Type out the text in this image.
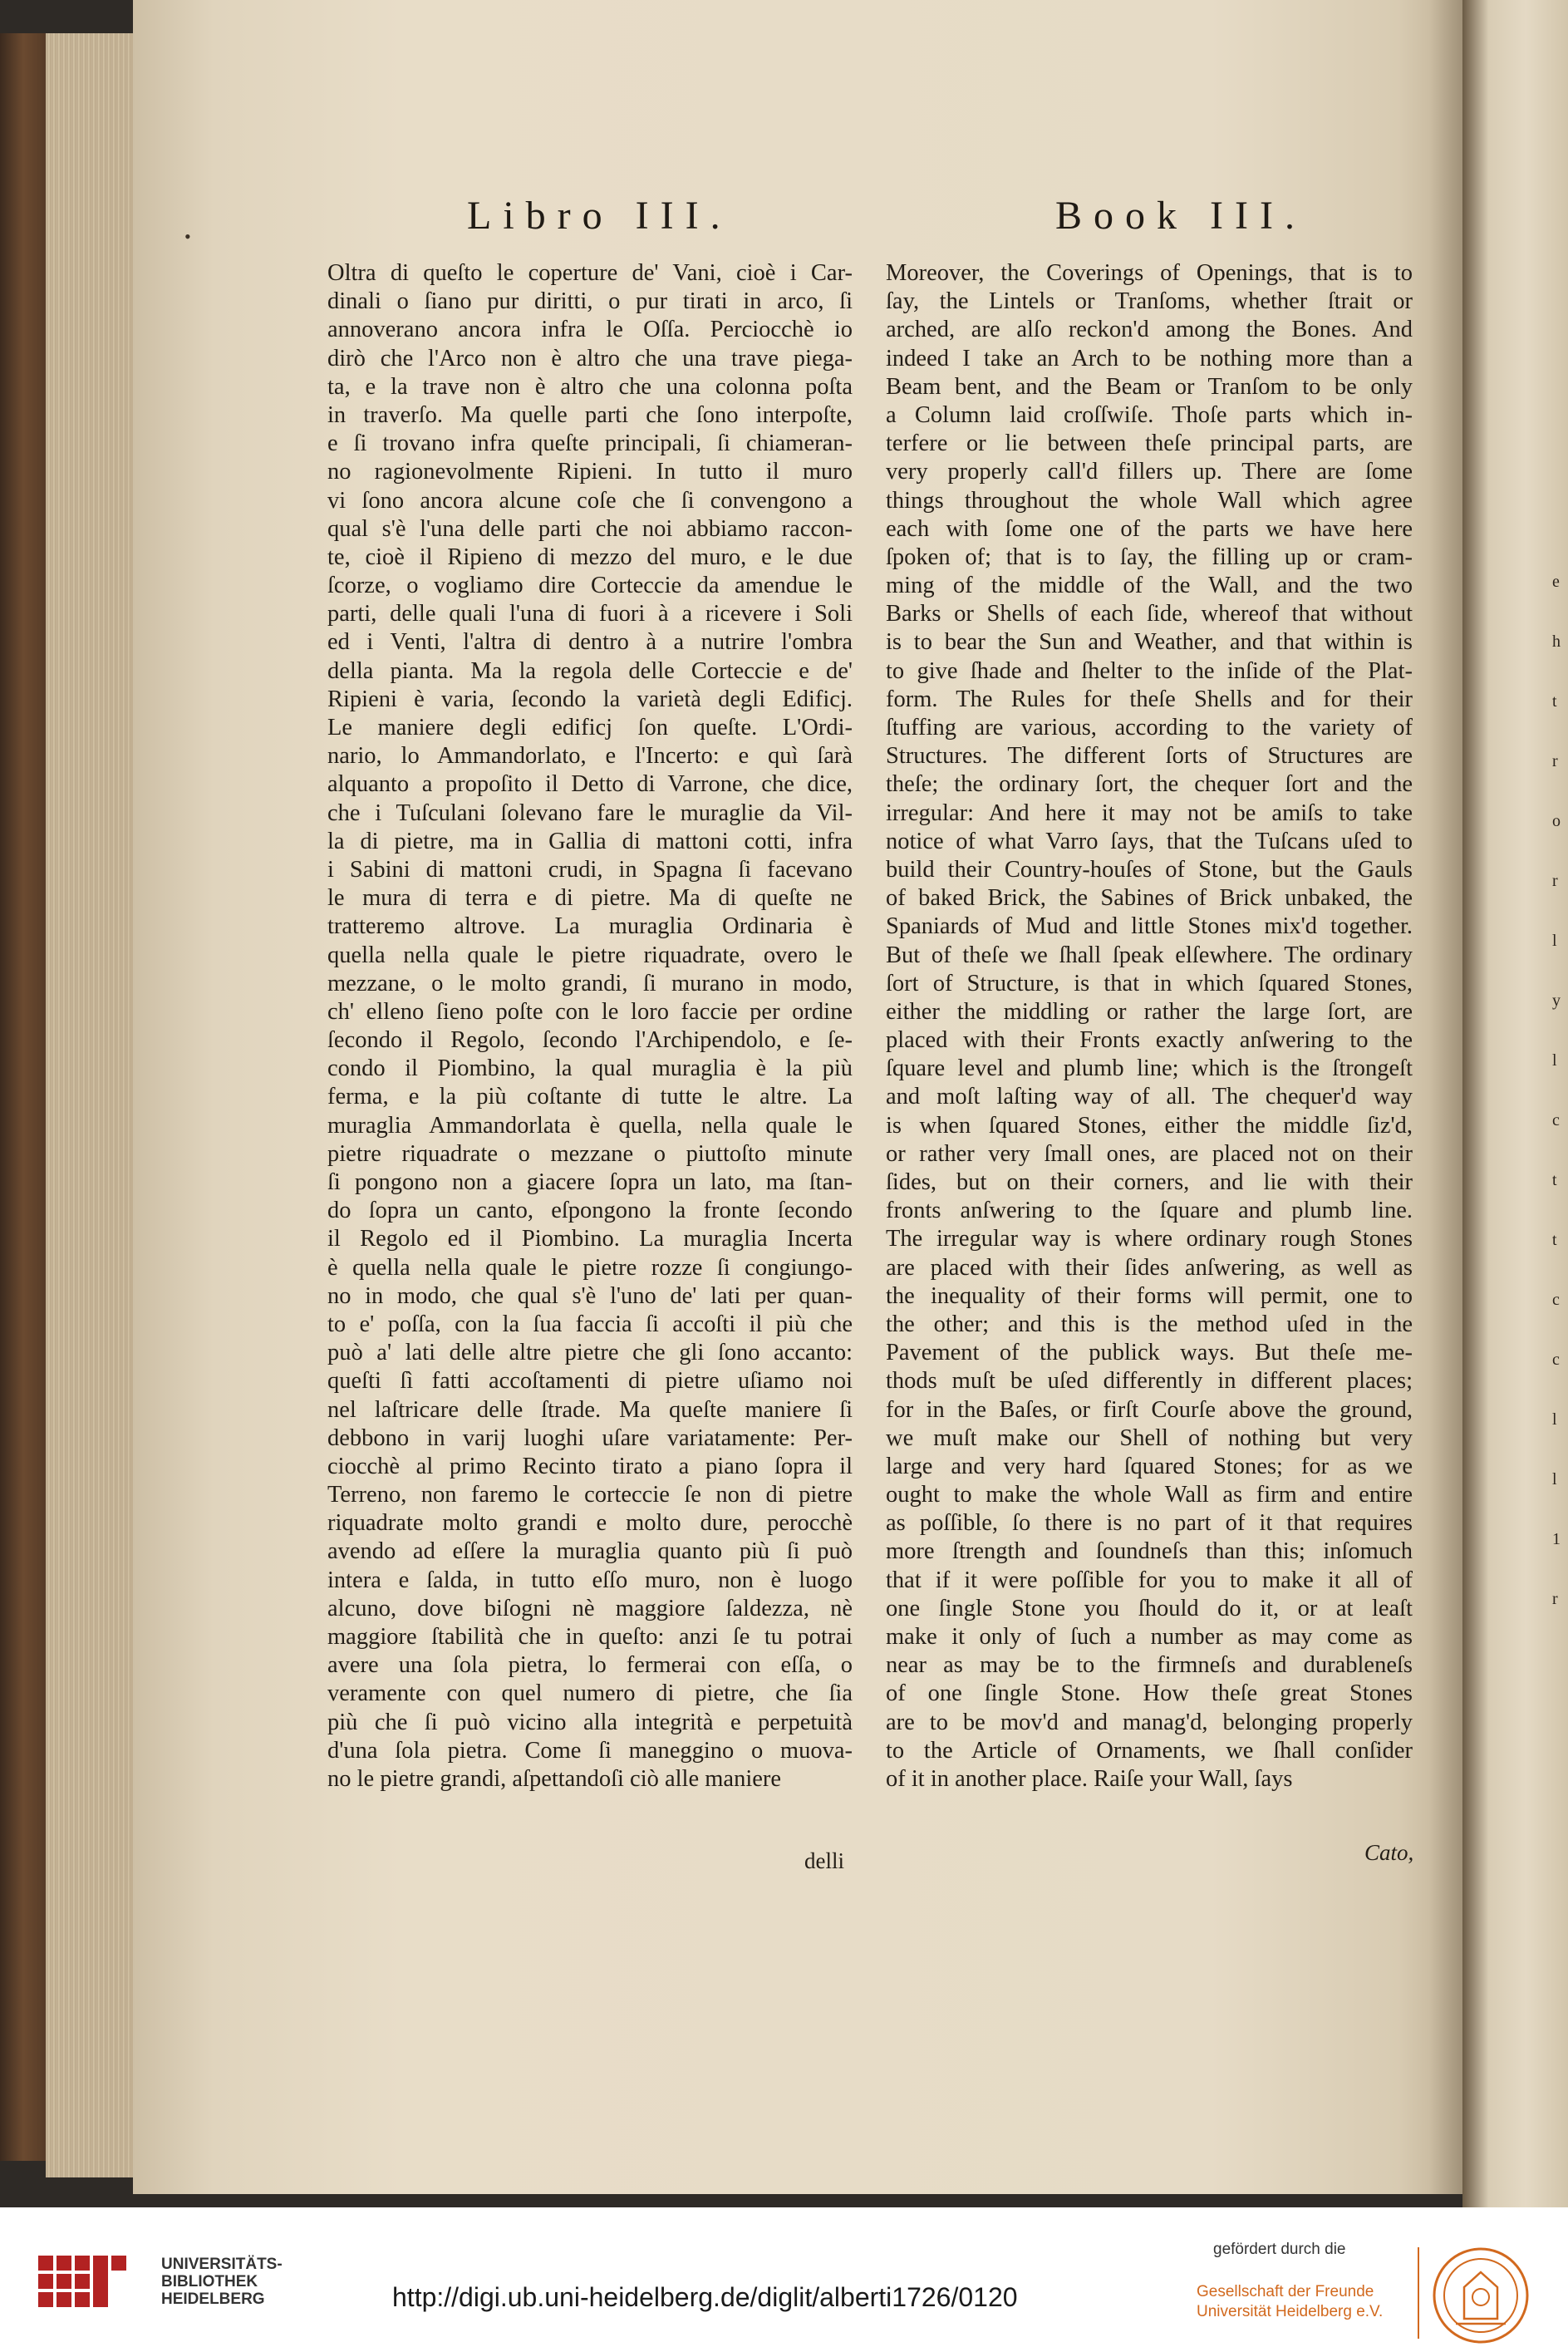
e
h
t
r
o
r
l
y
l
c
t
t
c
c
l
l
1
r
•	Libro III.	Book III.
Oltra di queſto le coperture de' Vani, cioè i Car-
dinali o ſiano pur diritti, o pur tirati in arco, ſi
annoverano ancora infra le Oſſa. Perciocchè io
dirò che l'Arco non è altro che una trave piega-
ta, e la trave non è altro che una colonna poſta
in traverſo. Ma quelle parti che ſono interpoſte,
e ſi trovano infra queſte principali, ſi chiameran-
no ragionevolmente Ripieni. In tutto il muro
vi ſono ancora alcune coſe che ſi convengono a
qual s'è l'una delle parti che noi abbiamo raccon-
te, cioè il Ripieno di mezzo del muro, e le due
ſcorze, o vogliamo dire Corteccie da amendue le
parti, delle quali l'una di fuori à a ricevere i Soli
ed i Venti, l'altra di dentro à a nutrire l'ombra
della pianta. Ma la regola delle Corteccie e de'
Ripieni è varia, ſecondo la varietà degli Edificj.
Le maniere degli edificj ſon queſte. L'Ordi-
nario, lo Ammandorlato, e l'Incerto: e quì ſarà
alquanto a propoſito il Detto di Varrone, che dice,
che i Tuſculani ſolevano fare le muraglie da Vil-
la di pietre, ma in Gallia di mattoni cotti, infra
i Sabini di mattoni crudi, in Spagna ſi facevano
le mura di terra e di pietre. Ma di queſte ne
tratteremo altrove. La muraglia Ordinaria è
quella nella quale le pietre riquadrate, overo le
mezzane, o le molto grandi, ſi murano in modo,
ch' elleno ſieno poſte con le loro faccie per ordine
ſecondo il Regolo, ſecondo l'Archipendolo, e ſe-
condo il Piombino, la qual muraglia è la più
ferma, e la più coſtante di tutte le altre. La
muraglia Ammandorlata è quella, nella quale le
pietre riquadrate o mezzane o piuttoſto minute
ſi pongono non a giacere ſopra un lato, ma ſtan-
do ſopra un canto, eſpongono la fronte ſecondo
il Regolo ed il Piombino. La muraglia Incerta
è quella nella quale le pietre rozze ſi congiungo-
no in modo, che qual s'è l'uno de' lati per quan-
to e' poſſa, con la ſua faccia ſi accoſti il più che
può a' lati delle altre pietre che gli ſono accanto:
queſti ſì fatti accoſtamenti di pietre uſiamo noi
nel laſtricare delle ſtrade. Ma queſte maniere ſi
debbono in varij luoghi uſare variatamente: Per-
ciocchè al primo Recinto tirato a piano ſopra il
Terreno, non faremo le corteccie ſe non di pietre
riquadrate molto grandi e molto dure, perocchè
avendo ad eſſere la muraglia quanto più ſi può
intera e ſalda, in tutto eſſo muro, non è luogo
alcuno, dove biſogni nè maggiore ſaldezza, nè
maggiore ſtabilità che in queſto: anzi ſe tu potrai
avere una ſola pietra, lo fermerai con eſſa, o
veramente con quel numero di pietre, che ſia
più che ſi può vicino alla integrità e perpetuità
d'una ſola pietra. Come ſi maneggino o muova-
no le pietre grandi, aſpettandoſi ciò alle maniere
Moreover, the Coverings of Openings, that is to
ſay, the Lintels or Tranſoms, whether ſtrait or
arched, are alſo reckon'd among the Bones. And
indeed I take an Arch to be nothing more than a
Beam bent, and the Beam or Tranſom to be only
a Column laid croſſwiſe. Thoſe parts which in-
terfere or lie between theſe principal parts, are
very properly call'd fillers up. There are ſome
things throughout the whole Wall which agree
each with ſome one of the parts we have here
ſpoken of; that is to ſay, the filling up or cram-
ming of the middle of the Wall, and the two
Barks or Shells of each ſide, whereof that without
is to bear the Sun and Weather, and that within is
to give ſhade and ſhelter to the inſide of the Plat-
form. The Rules for theſe Shells and for their
ſtuffing are various, according to the variety of
Structures. The different ſorts of Structures are
theſe; the ordinary ſort, the chequer ſort and the
irregular: And here it may not be amiſs to take
notice of what Varro ſays, that the Tuſcans uſed to
build their Country-houſes of Stone, but the Gauls
of baked Brick, the Sabines of Brick unbaked, the
Spaniards of Mud and little Stones mix'd together.
But of theſe we ſhall ſpeak elſewhere. The ordinary
ſort of Structure, is that in which ſquared Stones,
either the middling or rather the large ſort, are
placed with their Fronts exactly anſwering to the
ſquare level and plumb line; which is the ſtrongeſt
and moſt laſting way of all. The chequer'd way
is when ſquared Stones, either the middle ſiz'd,
or rather very ſmall ones, are placed not on their
ſides, but on their corners, and lie with their
fronts anſwering to the ſquare and plumb line.
The irregular way is where ordinary rough Stones
are placed with their ſides anſwering, as well as
the inequality of their forms will permit, one to
the other; and this is the method uſed in the
Pavement of the publick ways. But theſe me-
thods muſt be uſed differently in different places;
for in the Baſes, or firſt Courſe above the ground,
we muſt make our Shell of nothing but very
large and very hard ſquared Stones; for as we
ought to make the whole Wall as firm and entire
as poſſible, ſo there is no part of it that requires
more ſtrength and ſoundneſs than this; inſomuch
that if it were poſſible for you to make it all of
one ſingle Stone you ſhould do it, or at leaſt
make it only of ſuch a number as may come as
near as may be to the firmneſs and durableneſs
of one ſingle Stone. How theſe great Stones
are to be mov'd and manag'd, belonging properly
to the Article of Ornaments, we ſhall conſider
of it in another place. Raiſe your Wall, ſays
delli	Cato,
UNIVERSITÄTS-
BIBLIOTHEK
HEIDELBERG	http://digi.ub.uni-heidelberg.de/diglit/alberti1726/0120
gefördert durch die
Gesellschaft der Freunde
Universität Heidelberg e.V.
